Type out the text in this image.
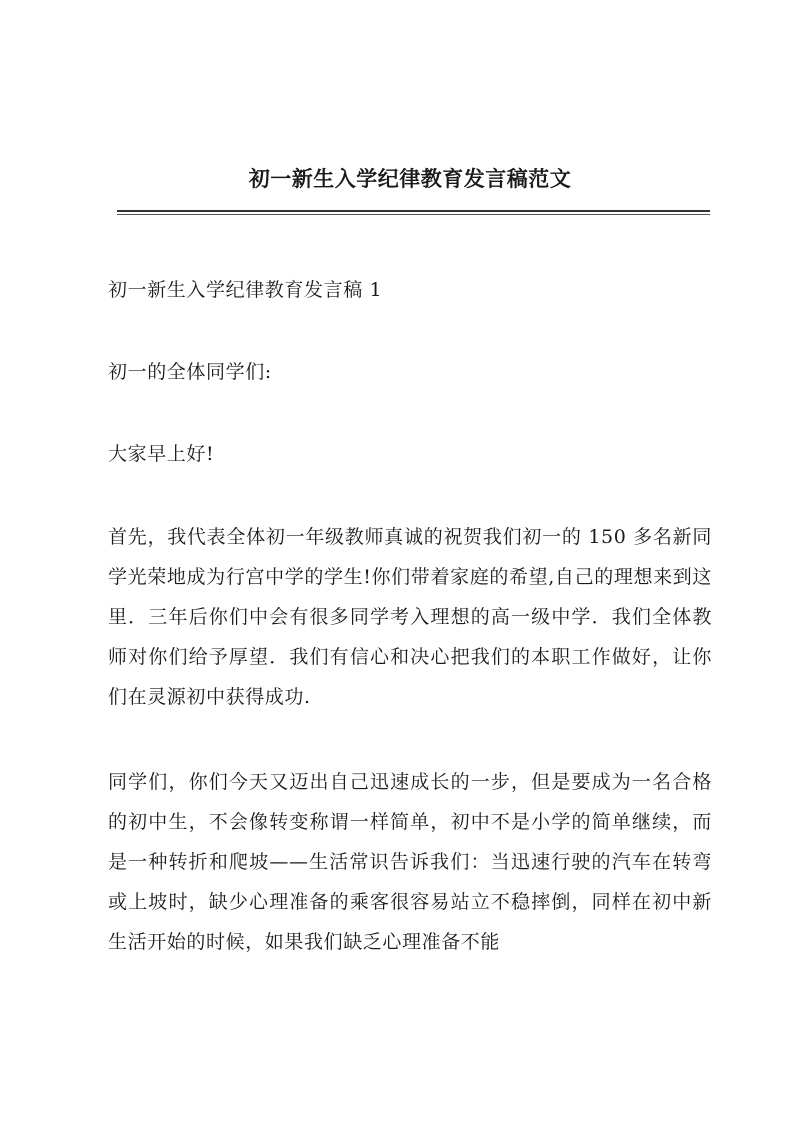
初一新生入学纪律教育发言稿范文

初一新生入学纪律教育发言稿 1

初一的全体同学们:

大家早上好!

首先，我代表全体初一年级教师真诚的祝贺我们初一的 150 多名新同学光荣地成为行宫中学的学生!你们带着家庭的希望,自己的理想来到这里．三年后你们中会有很多同学考入理想的高一级中学．我们全体教师对你们给予厚望．我们有信心和决心把我们的本职工作做好，让你们在灵源初中获得成功.

同学们，你们今天又迈出自己迅速成长的一步，但是要成为一名合格的初中生，不会像转变称谓一样简单，初中不是小学的简单继续，而是一种转折和爬坡——生活常识告诉我们：当迅速行驶的汽车在转弯或上坡时，缺少心理准备的乘客很容易站立不稳摔倒，同样在初中新生活开始的时候，如果我们缺乏心理准备不能
